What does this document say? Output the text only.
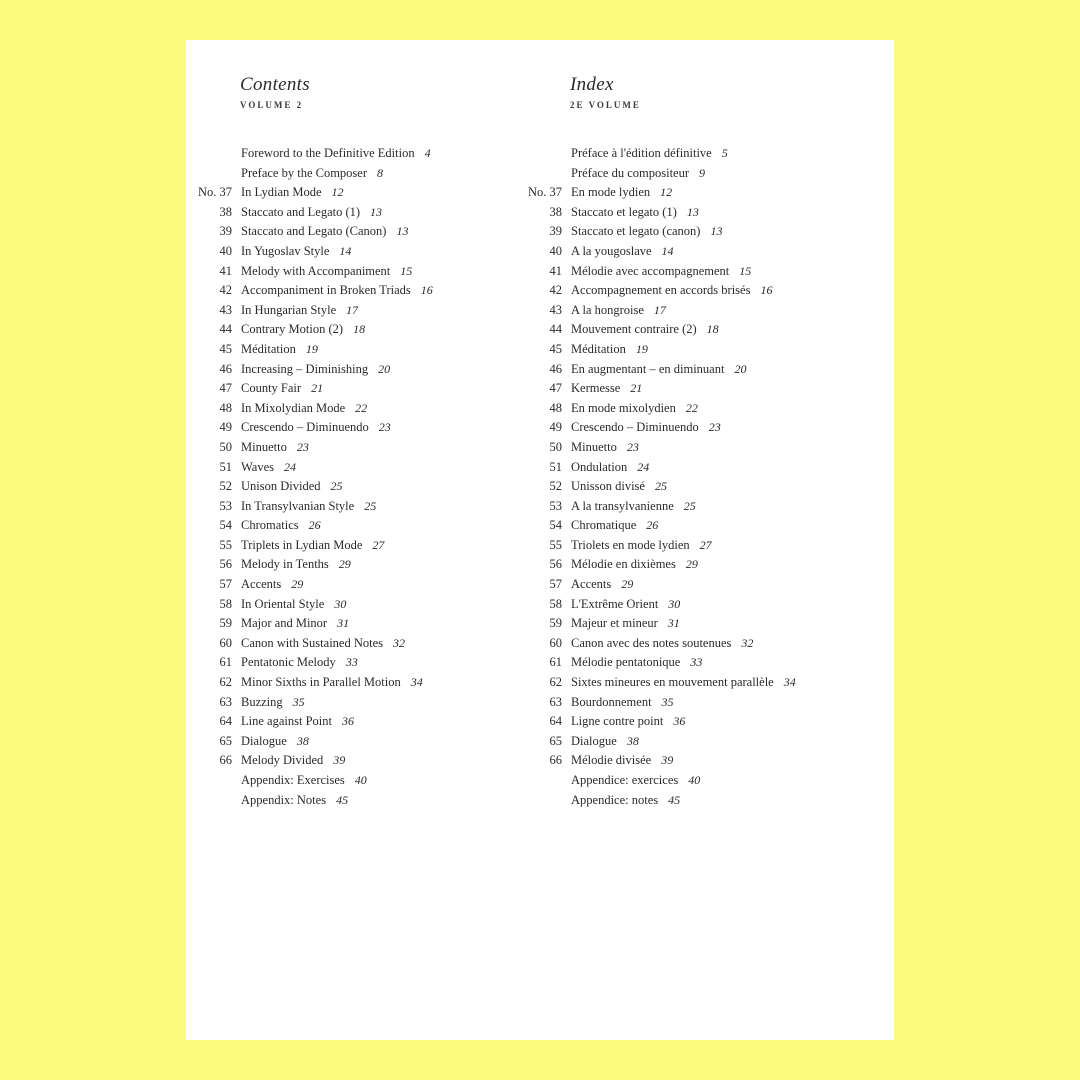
Contents
VOLUME 2
Foreword to the Definitive Edition 4
Preface by the Composer 8
No. 37 In Lydian Mode 12
38 Staccato and Legato (1) 13
39 Staccato and Legato (Canon) 13
40 In Yugoslav Style 14
41 Melody with Accompaniment 15
42 Accompaniment in Broken Triads 16
43 In Hungarian Style 17
44 Contrary Motion (2) 18
45 Méditation 19
46 Increasing – Diminishing 20
47 County Fair 21
48 In Mixolydian Mode 22
49 Crescendo – Diminuendo 23
50 Minuetto 23
51 Waves 24
52 Unison Divided 25
53 In Transylvanian Style 25
54 Chromatics 26
55 Triplets in Lydian Mode 27
56 Melody in Tenths 29
57 Accents 29
58 In Oriental Style 30
59 Major and Minor 31
60 Canon with Sustained Notes 32
61 Pentatonic Melody 33
62 Minor Sixths in Parallel Motion 34
63 Buzzing 35
64 Line against Point 36
65 Dialogue 38
66 Melody Divided 39
Appendix: Exercises 40
Appendix: Notes 45
Index
2E VOLUME
Préface à l'édition définitive 5
Préface du compositeur 9
No. 37 En mode lydien 12
38 Staccato et legato (1) 13
39 Staccato et legato (canon) 13
40 A la yougoslave 14
41 Mélodie avec accompagnement 15
42 Accompagnement en accords brisés 16
43 A la hongroise 17
44 Mouvement contraire (2) 18
45 Méditation 19
46 En augmentant – en diminuant 20
47 Kermesse 21
48 En mode mixolydien 22
49 Crescendo – Diminuendo 23
50 Minuetto 23
51 Ondulation 24
52 Unisson divisé 25
53 A la transylvanienne 25
54 Chromatique 26
55 Triolets en mode lydien 27
56 Mélodie en dixièmes 29
57 Accents 29
58 L'Extrême Orient 30
59 Majeur et mineur 31
60 Canon avec des notes soutenues 32
61 Mélodie pentatonique 33
62 Sixtes mineures en mouvement parallèle 34
63 Bourdonnement 35
64 Ligne contre point 36
65 Dialogue 38
66 Mélodie divisée 39
Appendice: exercices 40
Appendice: notes 45
